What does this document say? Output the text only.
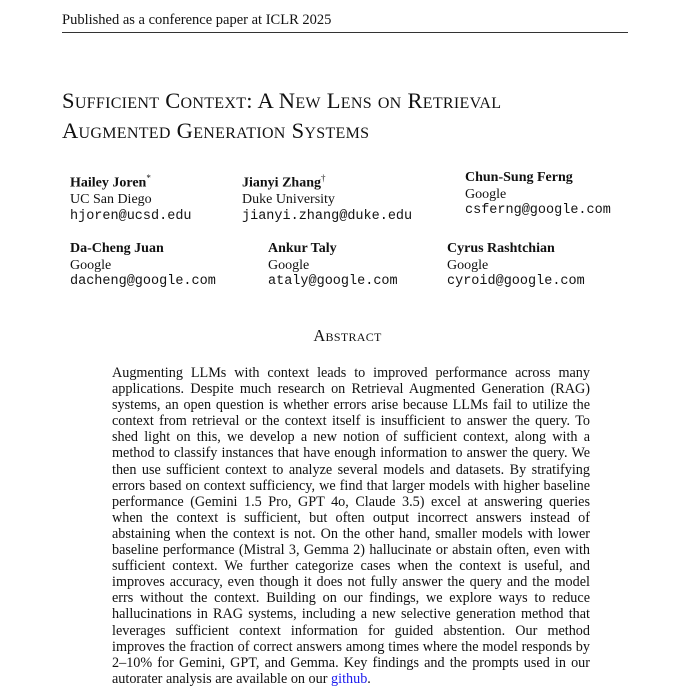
Published as a conference paper at ICLR 2025
Sufficient Context: A New Lens on Retrieval
Augmented Generation Systems
Hailey Joren*
UC San Diego
hjoren@ucsd.edu
Jianyi Zhang†
Duke University
jianyi.zhang@duke.edu
Chun-Sung Ferng
Google
csferng@google.com
Da-Cheng Juan
Google
dacheng@google.com
Ankur Taly
Google
ataly@google.com
Cyrus Rashtchian
Google
cyroid@google.com
Abstract

Augmenting LLMs with context leads to improved performance across many applications. Despite much research on Retrieval Augmented Generation (RAG) systems, an open question is whether errors arise because LLMs fail to utilize the context from retrieval or the context itself is insufficient to answer the query. To shed light on this, we develop a new notion of sufficient context, along with a method to classify instances that have enough information to answer the query. We then use sufficient context to analyze several models and datasets. By stratifying errors based on context sufficiency, we find that larger models with higher baseline performance (Gemini 1.5 Pro, GPT 4o, Claude 3.5) excel at answering queries when the context is sufficient, but often output incorrect answers instead of abstaining when the context is not. On the other hand, smaller models with lower baseline performance (Mistral 3, Gemma 2) hallucinate or abstain often, even with sufficient context. We further categorize cases when the context is useful, and improves accuracy, even though it does not fully answer the query and the model errs without the context. Building on our findings, we explore ways to reduce hallucinations in RAG systems, including a new selective generation method that leverages sufficient context information for guided abstention. Our method improves the fraction of correct answers among times where the model responds by 2–10% for Gemini, GPT, and Gemma. Key findings and the prompts used in our autorater analysis are available on our github.
